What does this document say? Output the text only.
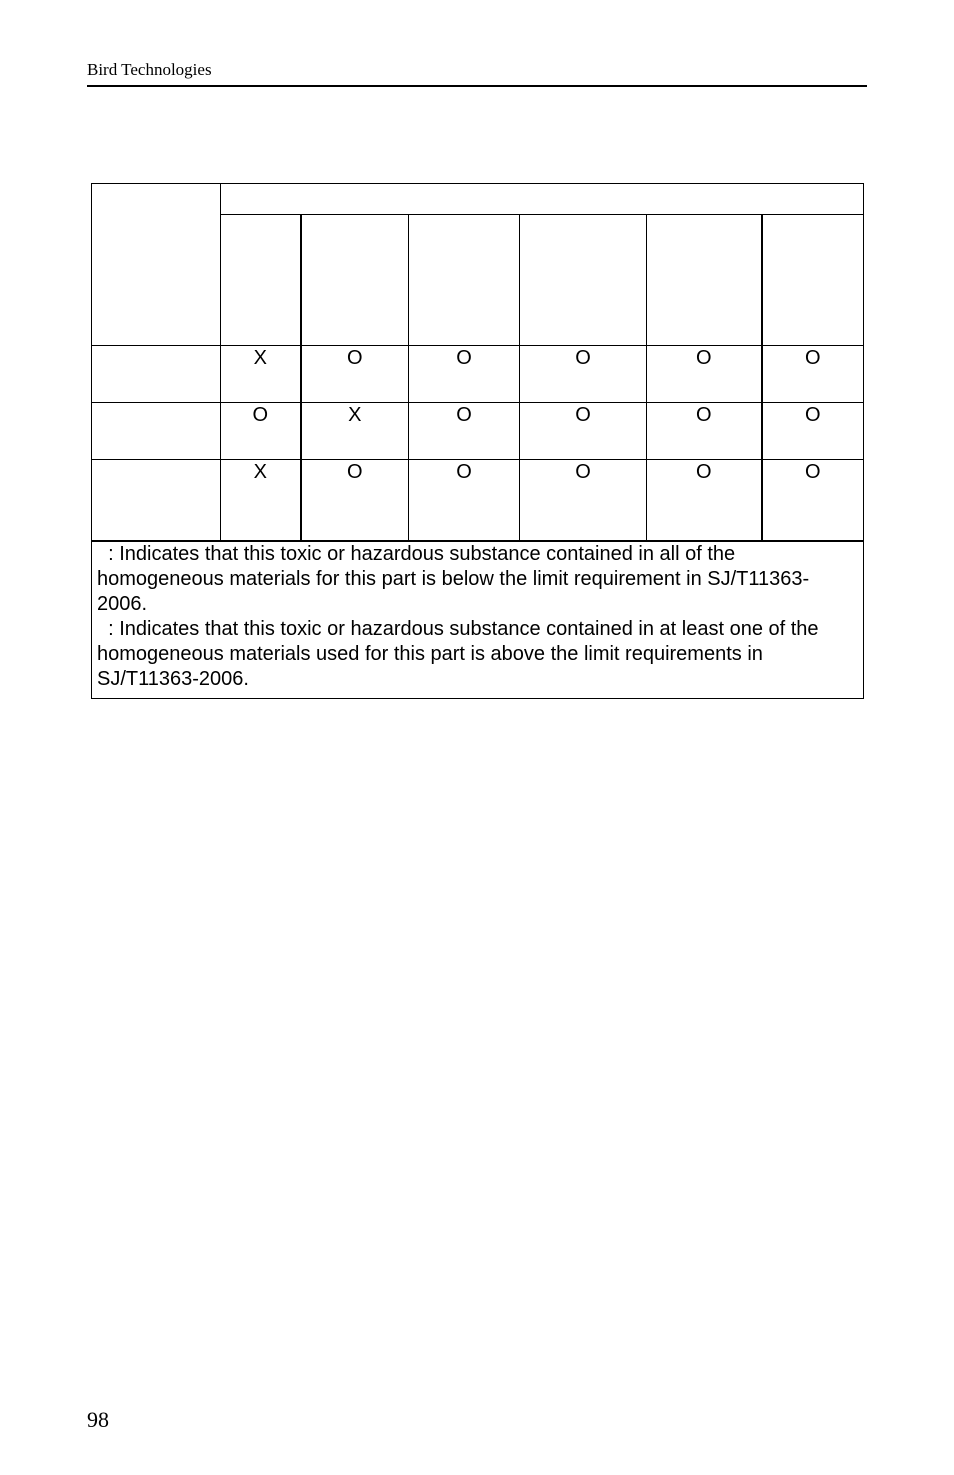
Bird Technologies

	X	O	O	O	O	O
	O	X	O	O	O	O
	X	O	O	O	O	O

: Indicates that this toxic or hazardous substance contained in all of the homogeneous materials for this part is below the limit requirement in SJ/T11363-2006.
: Indicates that this toxic or hazardous substance contained in at least one of the homogeneous materials used for this part is above the limit requirements in SJ/T11363-2006.						
98
